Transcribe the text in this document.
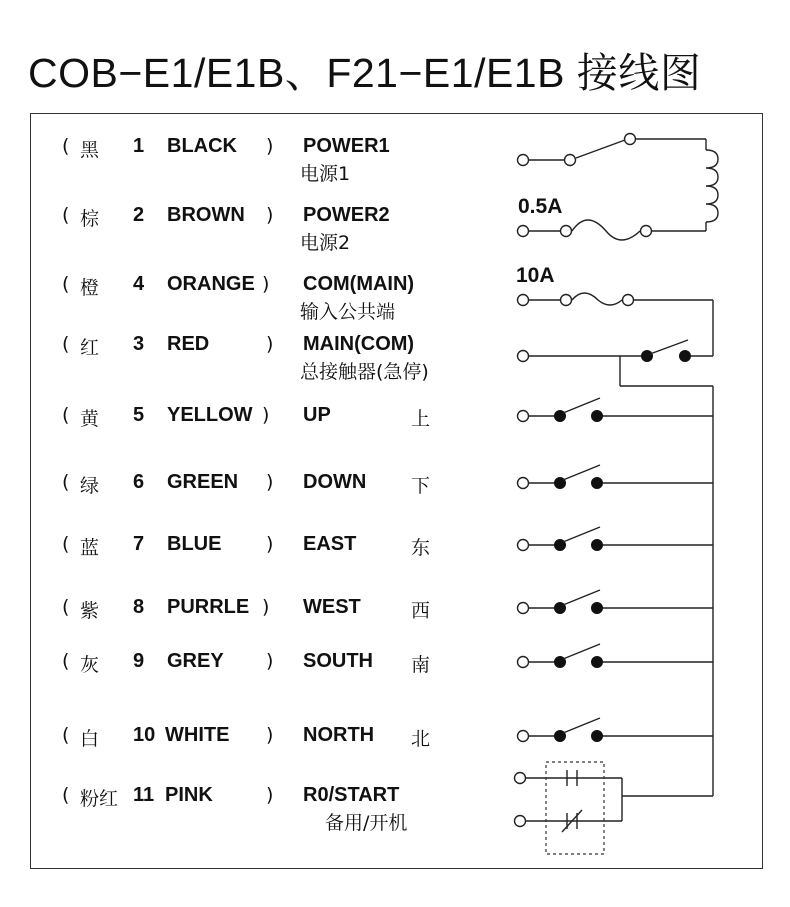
COB−E1/E1B、F21−E1/E1B 接线图
( 黑 1 BLACK ) POWER1
电源1
( 棕 2 BROWN ) POWER2
电源2
( 橙 4 ORANGE ) COM(MAIN)
输入公共端
( 红 3 RED	) MAIN(COM)
总接触器(急停)
( 黄 5 YELLOW ) UP	上
( 绿 6 GREEN ) DOWN 下
( 蓝 7 BLUE ) EAST	东
( 紫 8 PURRLE ) WEST	西
( 灰 9 GREY ) SOUTH 南
( 白 10 WHITE ) NORTH 北
( 粉红 11 PINK	) R0/START
备用/开机
0.5A
10A
